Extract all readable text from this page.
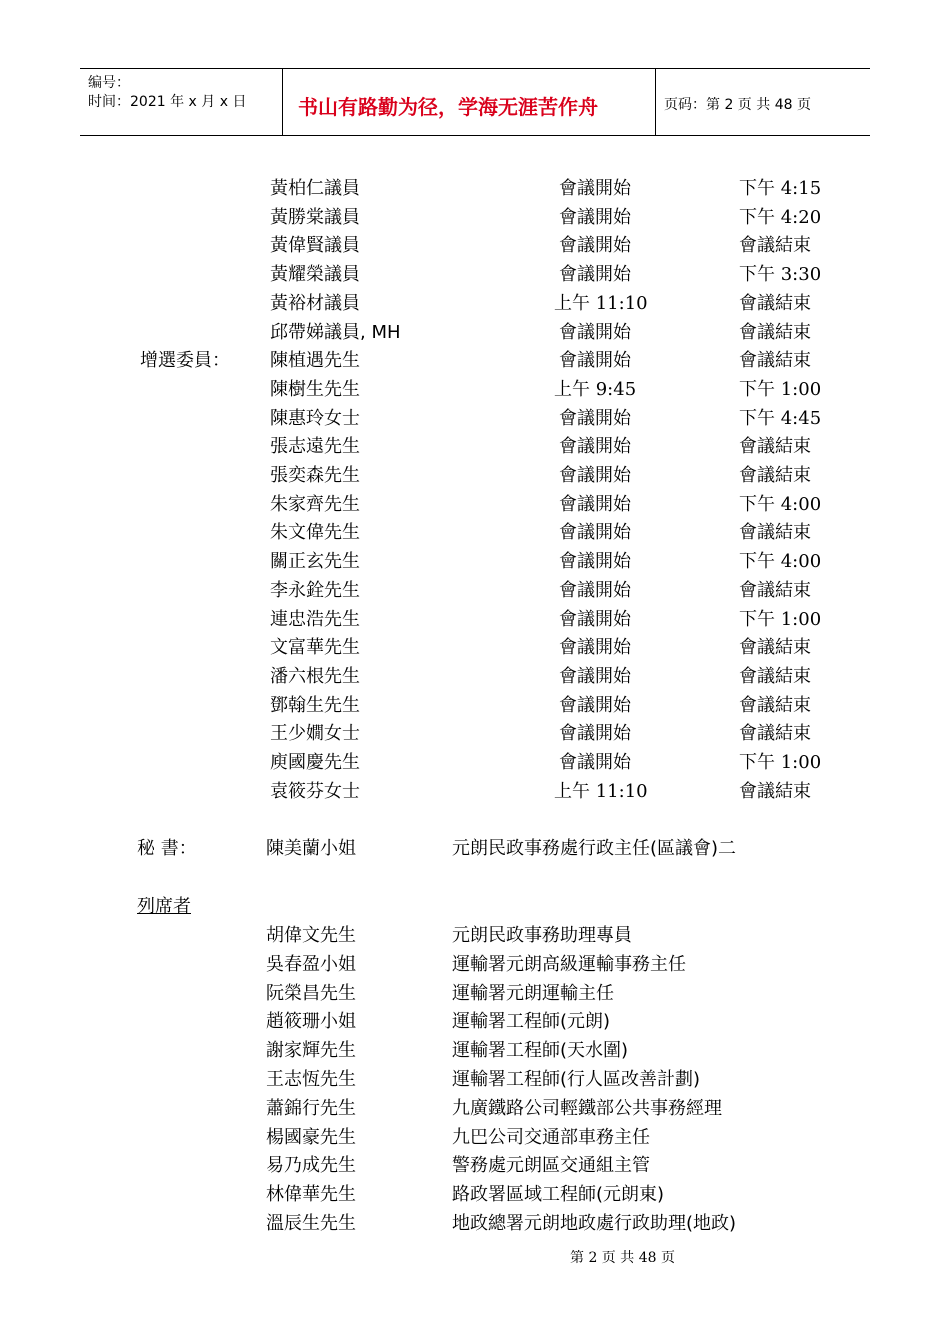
编号：
时间：2021 年 x 月 x 日	书山有路勤为径，学海无涯苦作舟	页码：第 2 页 共 48 页
增選委員：
黃柏仁議員	會議開始	下午 4:15
黃勝棠議員	會議開始	下午 4:20
黃偉賢議員	會議開始	會議結束
黃耀榮議員	會議開始	下午 3:30
黃裕材議員	上午 11:10	會議結束
邱帶娣議員, MH	會議開始	會議結束
陳植遇先生	會議開始	會議結束
陳樹生先生	上午 9:45	下午 1:00
陳惠玲女士	會議開始	下午 4:45
張志遠先生	會議開始	會議結束
張奕森先生	會議開始	會議結束
朱家齊先生	會議開始	下午 4:00
朱文偉先生	會議開始	會議結束
關正玄先生	會議開始	下午 4:00
李永銓先生	會議開始	會議結束
連忠浩先生	會議開始	下午 1:00
文富華先生	會議開始	會議結束
潘六根先生	會議開始	會議結束
鄧翰生先生	會議開始	會議結束
王少嫺女士	會議開始	會議結束
庾國慶先生	會議開始	下午 1:00
袁筱芬女士	上午 11:10	會議結束
秘 書：	陳美蘭小姐	元朗民政事務處行政主任(區議會)二
列席者
胡偉文先生	元朗民政事務助理專員
吳春盈小姐	運輸署元朗高級運輸事務主任
阮榮昌先生	運輸署元朗運輸主任
趙筱珊小姐	運輸署工程師(元朗)
謝家輝先生	運輸署工程師(天水圍)
王志恆先生	運輸署工程師(行人區改善計劃)
蕭錦行先生	九廣鐵路公司輕鐵部公共事務經理
楊國豪先生	九巴公司交通部車務主任
易乃成先生	警務處元朗區交通組主管
林偉華先生	路政署區域工程師(元朗東)
溫辰生先生	地政總署元朗地政處行政助理(地政)
第 2 页 共 48 页
